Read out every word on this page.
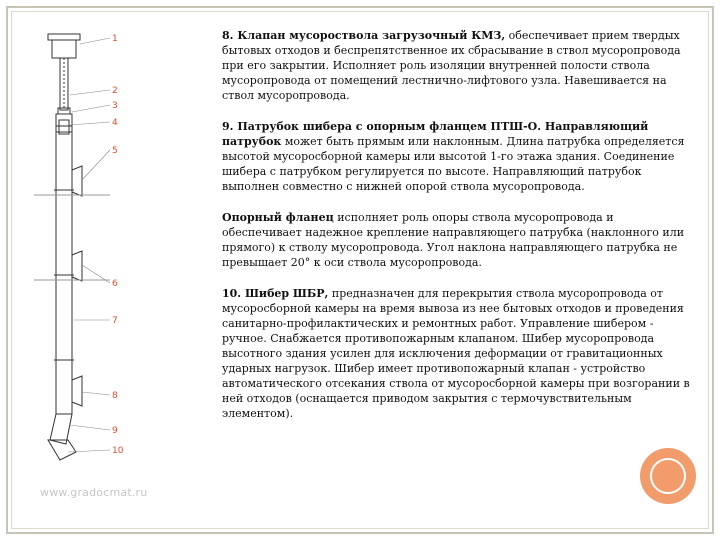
1
2
3
4
5
6
7
8
9
10
www.gradocmat.ru

8. Клапан мусороствола загрузочный КМЗ, обеспечивает прием твердых бытовых отходов и беспрепятственное их сбрасывание в ствол мусоропровода при его закрытии. Исполняет роль изоляции внутренней полости ствола мусоропровода от помещений лестнично-лифтового узла. Навешивается на ствол мусоропровода.

9. Патрубок шибера с опорным фланцем ПТШ-О. Направляющий патрубок может быть прямым или наклонным. Длина патрубка определяется высотой мусоросборной камеры или высотой 1-го этажа здания. Соединение шибера с патрубком регулируется по высоте. Направляющий патрубок выполнен совместно с нижней опорой ствола мусоропровода.

Опорный фланец исполняет роль опоры ствола мусоропровода и обеспечивает надежное крепление направляющего патрубка (наклонного или прямого) к стволу мусоропровода. Угол наклона направляющего патрубка не превышает 20° к оси ствола мусоропровода.

10. Шибер ШБР, предназначен для перекрытия ствола мусоропровода от мусоросборной камеры на время вывоза из нее бытовых отходов и проведения санитарно-профилактических и ремонтных работ. Управление шибером - ручное. Снабжается противопожарным клапаном. Шибер мусоропровода высотного здания усилен для исключения деформации от гравитационных ударных нагрузок. Шибер имеет противопожарный клапан - устройство автоматического отсекания ствола от мусоросборной камеры при возгорании в ней отходов (оснащается приводом закрытия с термочувствительным элементом).
